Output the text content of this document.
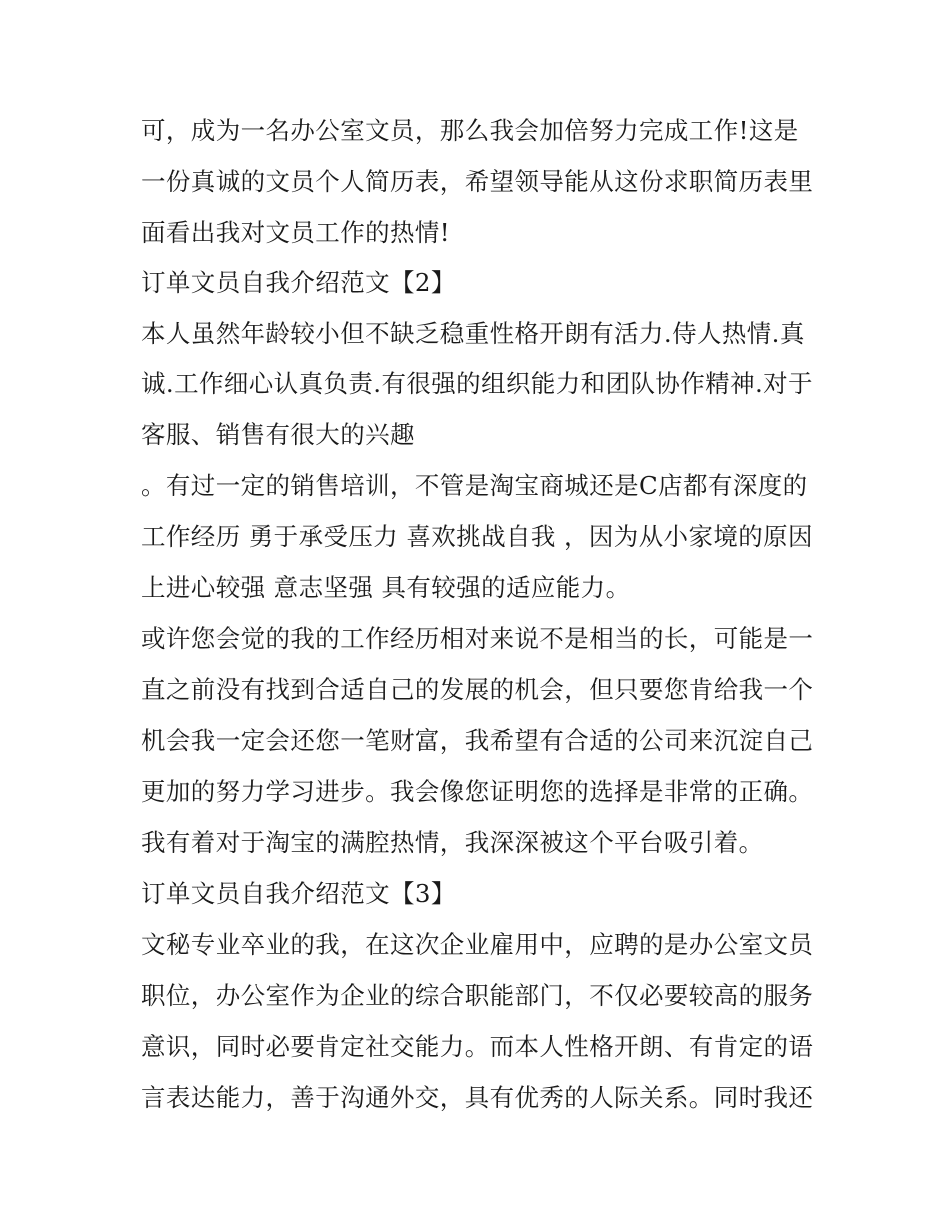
可，成为一名办公室文员，那么我会加倍努力完成工作!这是
一份真诚的文员个人简历表，希望领导能从这份求职简历表里
面看出我对文员工作的热情!
订单文员自我介绍范文【2】
本人虽然年龄较小但不缺乏稳重性格开朗有活力.侍人热情.真
诚.工作细心认真负责.有很强的组织能力和团队协作精神.对于
客服、销售有很大的兴趣
。有过一定的销售培训，不管是淘宝商城还是C店都有深度的
工作经历 勇于承受压力 喜欢挑战自我 ，因为从小家境的原因
上进心较强 意志坚强 具有较强的适应能力。
或许您会觉的我的工作经历相对来说不是相当的长，可能是一
直之前没有找到合适自己的发展的机会，但只要您肯给我一个
机会我一定会还您一笔财富，我希望有合适的公司来沉淀自己
更加的努力学习进步。我会像您证明您的选择是非常的正确。
我有着对于淘宝的满腔热情，我深深被这个平台吸引着。
订单文员自我介绍范文【3】
文秘专业卒业的我，在这次企业雇用中，应聘的是办公室文员
职位，办公室作为企业的综合职能部门，不仅必要较高的服务
意识，同时必要肯定社交能力。而本人性格开朗、有肯定的语
言表达能力，善于沟通外交，具有优秀的人际关系。同时我还
